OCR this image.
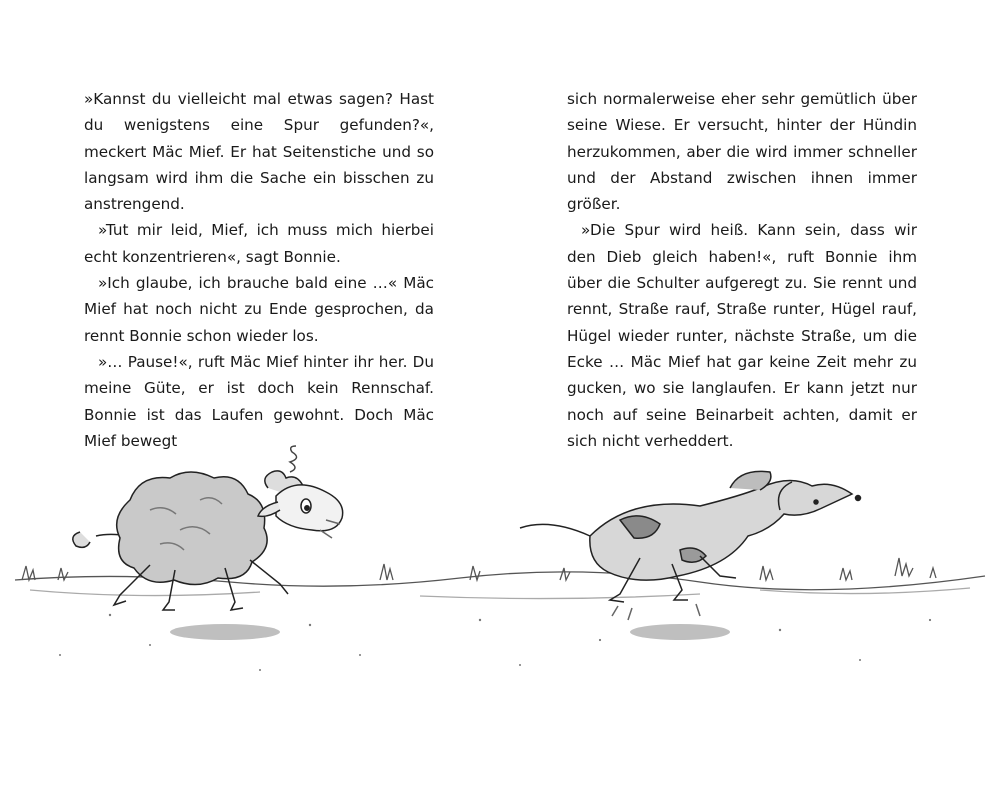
»Kannst du vielleicht mal etwas sagen? Hast du wenigstens eine Spur gefunden?«, meckert Mäc Mief. Er hat Seitenstiche und so langsam wird ihm die Sache ein bisschen zu anstrengend.

»Tut mir leid, Mief, ich muss mich hierbei echt konzentrieren«, sagt Bonnie.

»Ich glaube, ich brauche bald eine …« Mäc Mief hat noch nicht zu Ende gesprochen, da rennt Bonnie schon wieder los.

»… Pause!«, ruft Mäc Mief hinter ihr her. Du meine Güte, er ist doch kein Rennschaf. Bonnie ist das Laufen gewohnt. Doch Mäc Mief bewegt

sich normalerweise eher sehr gemütlich über seine Wiese. Er versucht, hinter der Hündin herzukommen, aber die wird immer schneller und der Abstand zwischen ihnen immer größer.

»Die Spur wird heiß. Kann sein, dass wir den Dieb gleich haben!«, ruft Bonnie ihm über die Schulter aufgeregt zu. Sie rennt und rennt, Straße rauf, Straße runter, Hügel rauf, Hügel wieder runter, nächste Straße, um die Ecke … Mäc Mief hat gar keine Zeit mehr zu gucken, wo sie langlaufen. Er kann jetzt nur noch auf seine Beinarbeit achten, damit er sich nicht verheddert.
